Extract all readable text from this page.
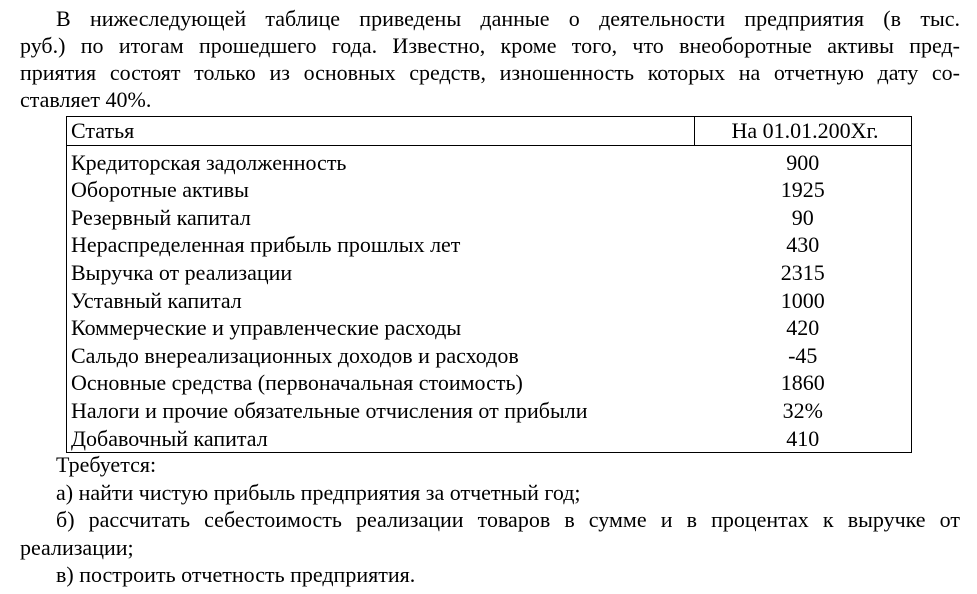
В нижеследующей таблице приведены данные о деятельности предприятия (в тыс.
руб.) по итогам прошедшего года. Известно, кроме того, что внеоборотные активы пред-
приятия состоят только из основных средств, изношенность которых на отчетную дату со-
ставляет 40%.

Статья	На 01.01.200Хг.
Кредиторская задолженность	900
Оборотные активы	1925
Резервный капитал	90
Нераспределенная прибыль прошлых лет	430
Выручка от реализации	2315
Уставный капитал	1000
Коммерческие и управленческие расходы	420
Сальдо внереализационных доходов и расходов	-45
Основные средства (первоначальная стоимость)	1860
Налоги и прочие обязательные отчисления от прибыли	32%
Добавочный капитал	410

Требуется:

а) найти чистую прибыль предприятия за отчетный год;

б) рассчитать себестоимость реализации товаров в сумме и в процентах к выручке от
реализации;

в) построить отчетность предприятия.
